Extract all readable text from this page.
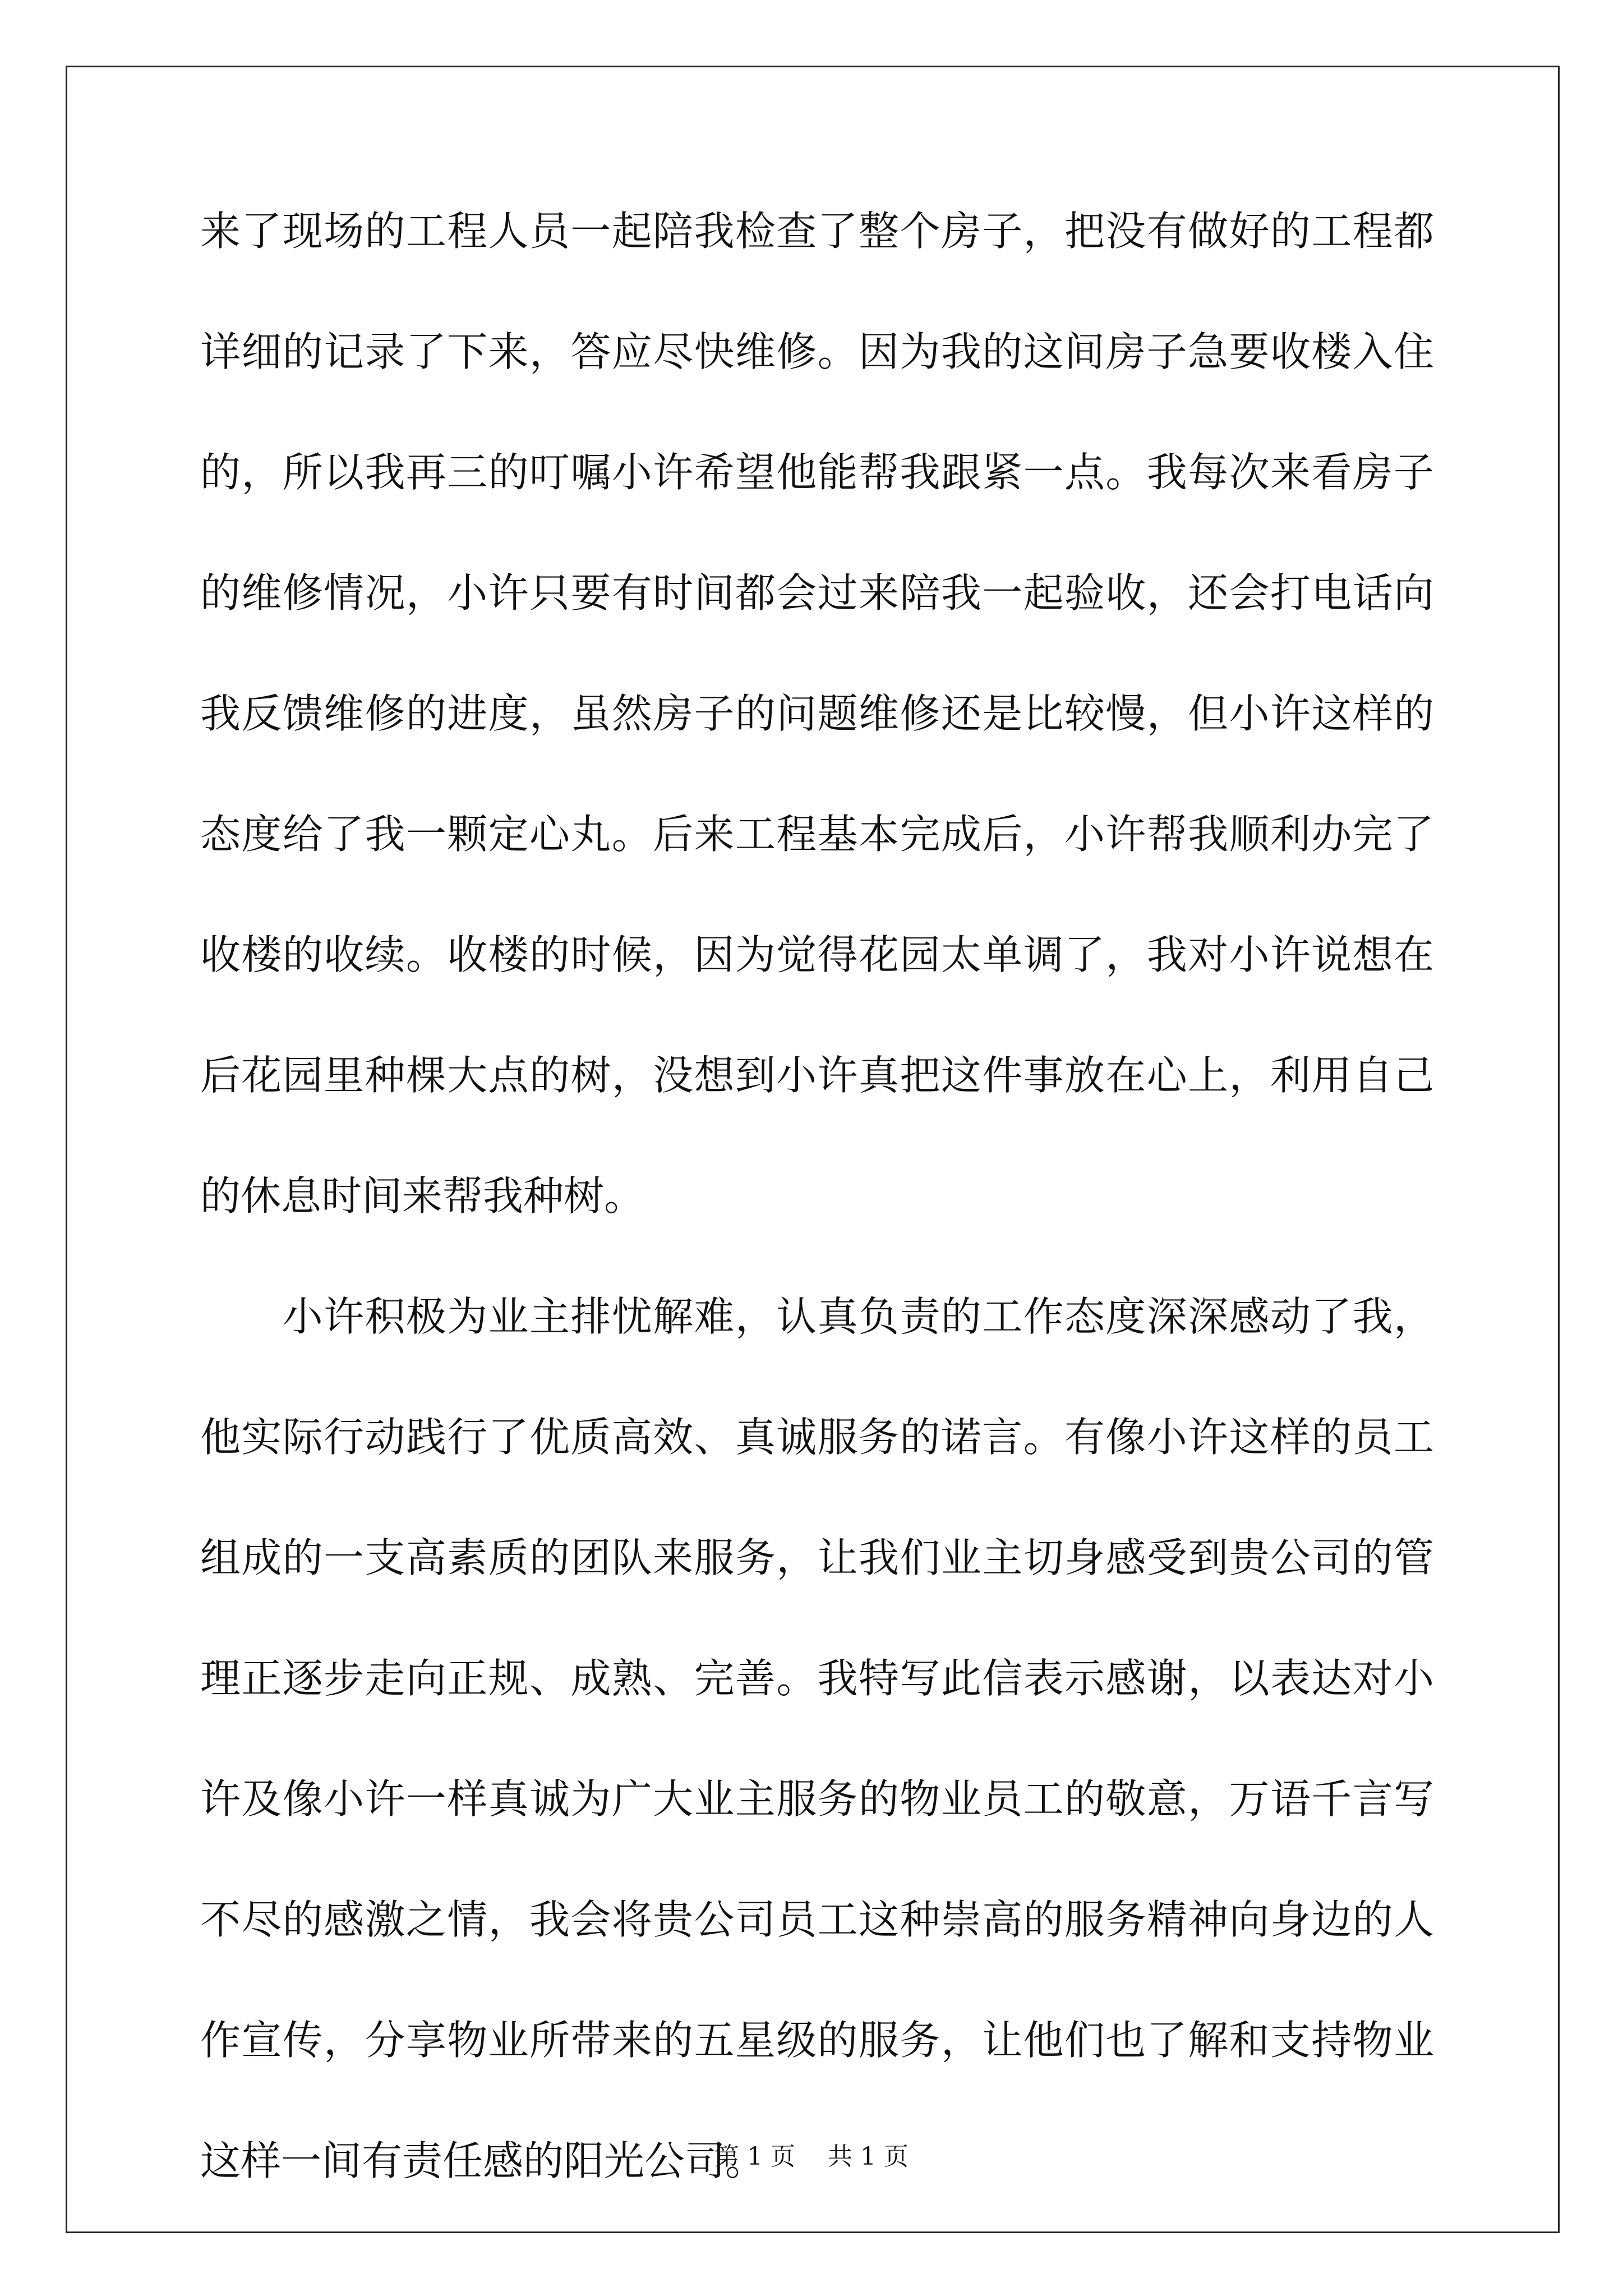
来了现场的工程人员一起陪我检查了整个房子，把没有做好的工程都
详细的记录了下来，答应尽快维修。因为我的这间房子急要收楼入住
的，所以我再三的叮嘱小许希望他能帮我跟紧一点。我每次来看房子
的维修情况，小许只要有时间都会过来陪我一起验收，还会打电话向
我反馈维修的进度，虽然房子的问题维修还是比较慢，但小许这样的
态度给了我一颗定心丸。后来工程基本完成后，小许帮我顺利办完了
收楼的收续。收楼的时候，因为觉得花园太单调了，我对小许说想在
后花园里种棵大点的树，没想到小许真把这件事放在心上，利用自己
的休息时间来帮我种树。
　　小许积极为业主排忧解难，认真负责的工作态度深深感动了我，
他实际行动践行了优质高效、真诚服务的诺言。有像小许这样的员工
组成的一支高素质的团队来服务，让我们业主切身感受到贵公司的管
理正逐步走向正规、成熟、完善。我特写此信表示感谢，以表达对小
许及像小许一样真诚为广大业主服务的物业员工的敬意，万语千言写
不尽的感激之情，我会将贵公司员工这种崇高的服务精神向身边的人
作宣传，分享物业所带来的五星级的服务，让他们也了解和支持物业
这样一间有责任感的阳光公司。
第 1 页　 共 1 页
